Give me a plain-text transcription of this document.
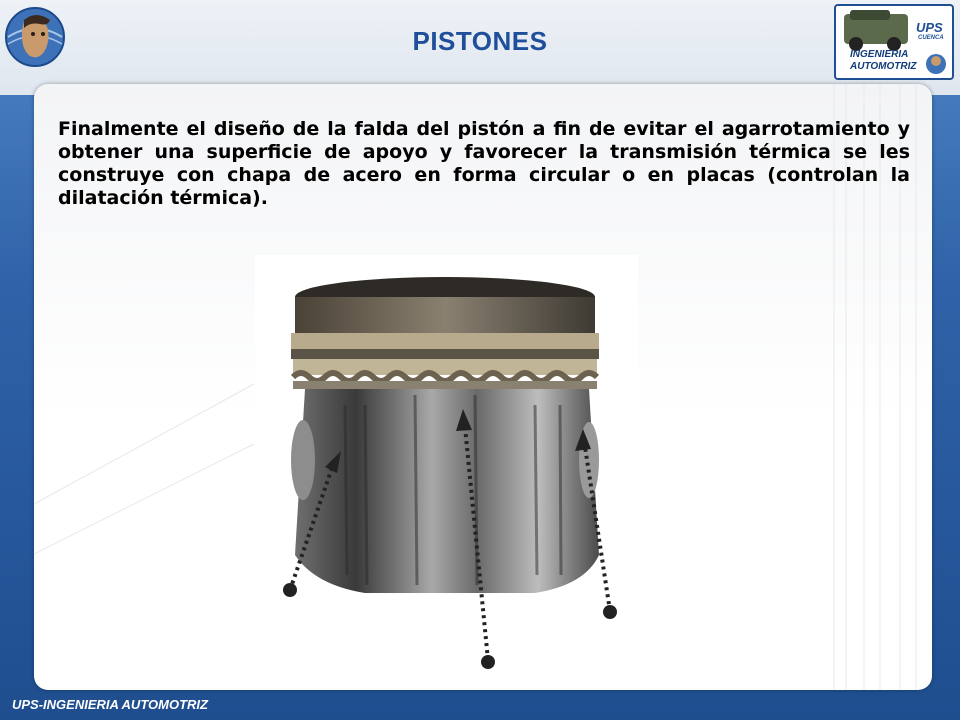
PISTONES	UPS
CUENCA
INGENIERIA
AUTOMOTRIZ

Finalmente el diseño de la falda del pistón a fin de evitar el agarrotamiento y obtener una superficie de apoyo y favorecer la transmisión térmica se les construye con chapa de acero en forma circular o en placas (controlan la dilatación térmica).

UPS-INGENIERIA AUTOMOTRIZ
